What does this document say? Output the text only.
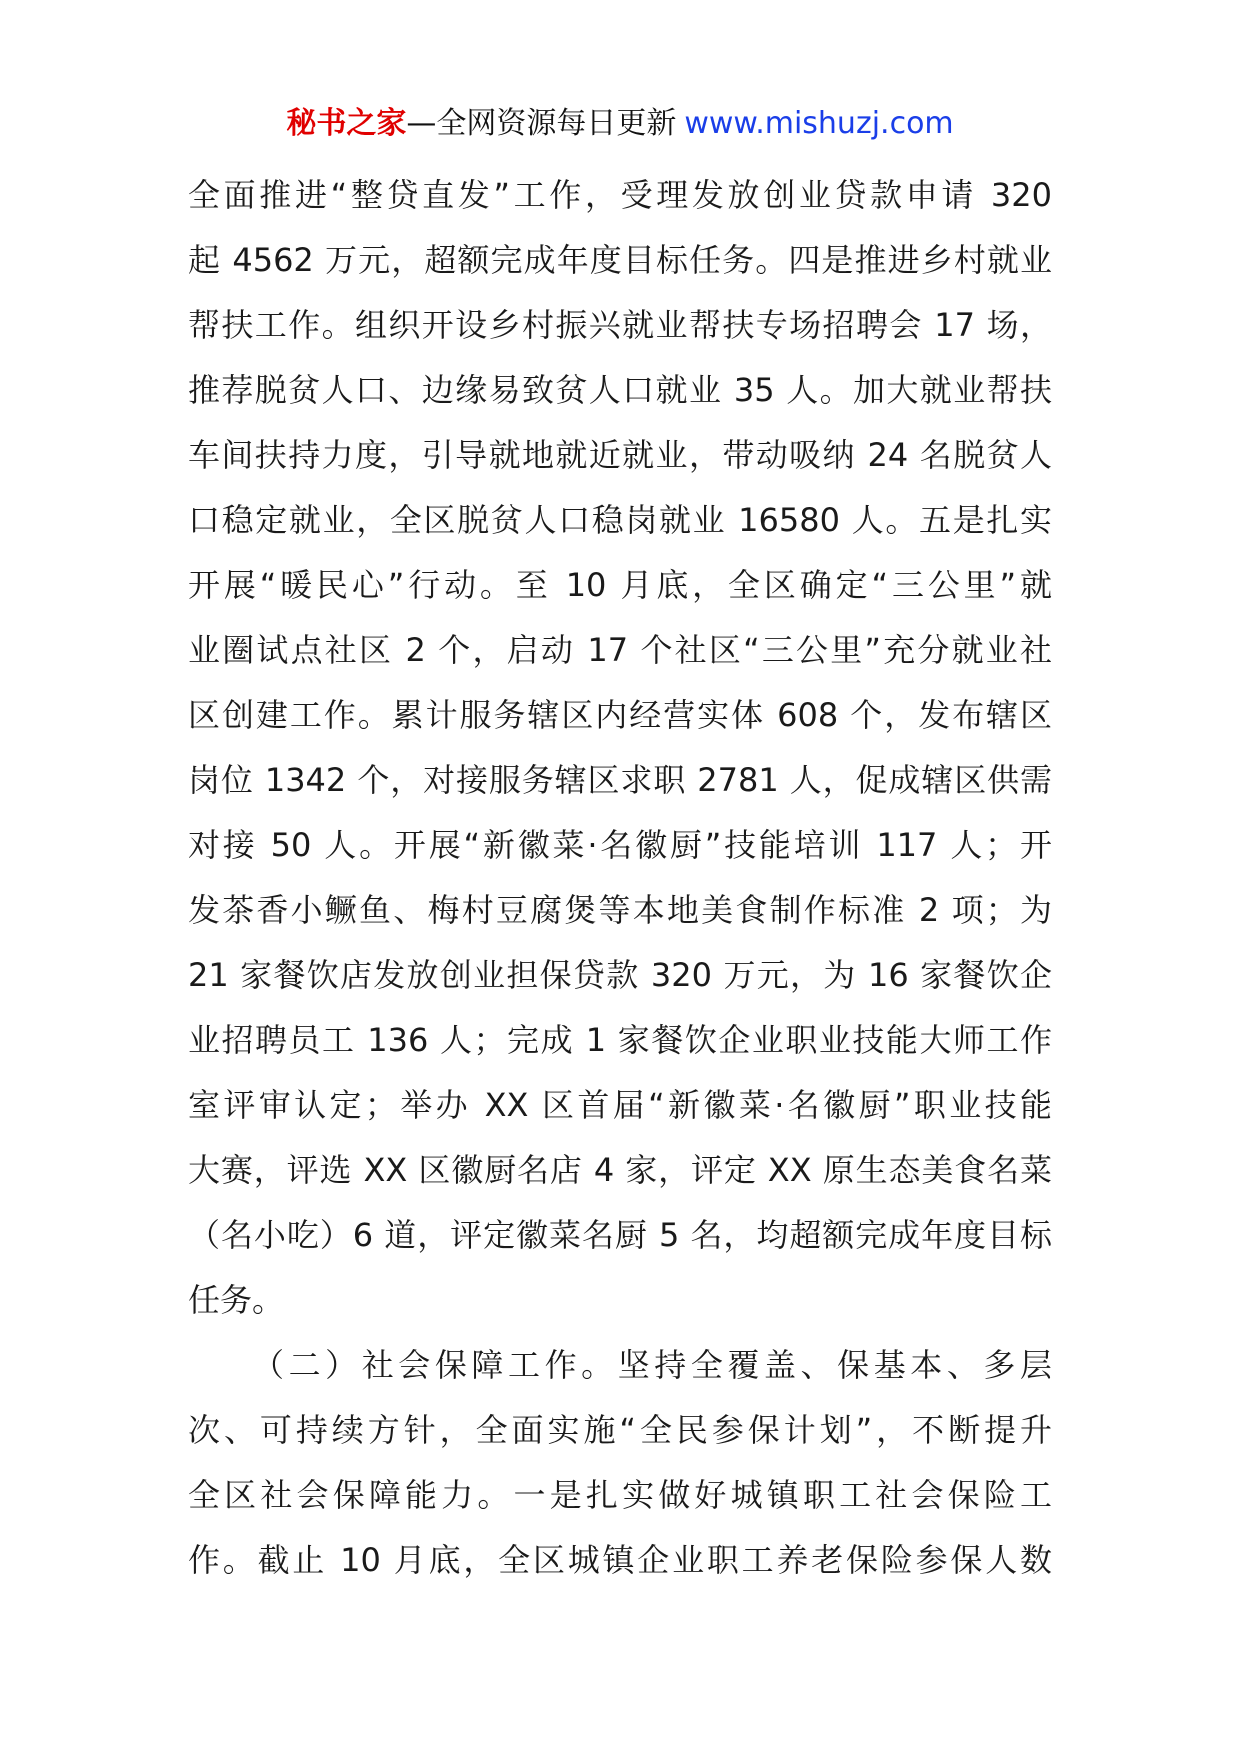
秘书之家—全网资源每日更新 www.mishuzj.com
全面推进“整贷直发”工作，受理发放创业贷款申请 320
起 4562 万元，超额完成年度目标任务。四是推进乡村就业
帮扶工作。组织开设乡村振兴就业帮扶专场招聘会 17 场，
推荐脱贫人口、边缘易致贫人口就业 35 人。加大就业帮扶
车间扶持力度，引导就地就近就业，带动吸纳 24 名脱贫人
口稳定就业，全区脱贫人口稳岗就业 16580 人。五是扎实
开展“暖民心”行动。至 10 月底，全区确定“三公里”就
业圈试点社区 2 个，启动 17 个社区“三公里”充分就业社
区创建工作。累计服务辖区内经营实体 608 个，发布辖区
岗位 1342 个，对接服务辖区求职 2781 人，促成辖区供需
对接 50 人。开展“新徽菜·名徽厨”技能培训 117 人；开
发茶香小鳜鱼、梅村豆腐煲等本地美食制作标准 2 项；为
21 家餐饮店发放创业担保贷款 320 万元，为 16 家餐饮企
业招聘员工 136 人；完成 1 家餐饮企业职业技能大师工作
室评审认定；举办 XX 区首届“新徽菜·名徽厨”职业技能
大赛，评选 XX 区徽厨名店 4 家，评定 XX 原生态美食名菜
（名小吃）6 道，评定徽菜名厨 5 名，均超额完成年度目标
任务。
（二）社会保障工作。坚持全覆盖、保基本、多层
次、可持续方针，全面实施“全民参保计划”，不断提升
全区社会保障能力。一是扎实做好城镇职工社会保险工
作。截止 10 月底，全区城镇企业职工养老保险参保人数
